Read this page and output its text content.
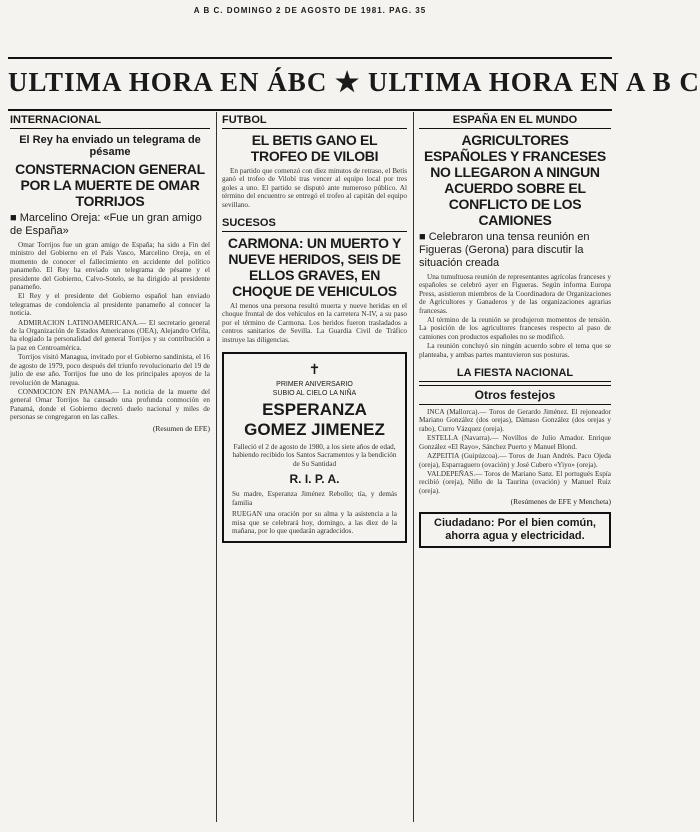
A B C. DOMINGO 2 DE AGOSTO DE 1981. PAG. 35
ULTIMA HORA EN ÁBC ★ ULTIMA HORA EN A B C
INTERNACIONAL
El Rey ha enviado un telegrama de pésame
CONSTERNACION GENERAL POR LA MUERTE DE OMAR TORRIJOS
■ Marcelino Oreja: «Fue un gran amigo de España»

Omar Torrijos fue un gran amigo de España; ha sido a Fin del ministro del Gobierno en el País Vasco, Marcelino Oreja, en el momento de conocer el fallecimiento en accidente del político panameño. El Rey ha enviado un telegrama de pésame y el presidente del Gobierno, Calvo-Sotelo, se ha dirigido al presidente panameño.

El Rey y el presidente del Gobierno español han enviado telegramas de condolencia al presidente panameño al conocer la noticia.

ADMIRACION LATINOAMERICANA.— El secretario general de la Organización de Estados Americanos (OEA), Alejandro Orfila, ha elogiado la personalidad del general Torrijos y su contribución a la paz en Centroamérica.

Torrijos visitó Managua, invitado por el Gobierno sandinista, el 16 de agosto de 1979, poco después del triunfo revolucionario del 19 de julio de ese año. Torrijos fue uno de los principales apoyos de la revolución de Managua.

CONMOCION EN PANAMA.— La noticia de la muerte del general Omar Torrijos ha causado una profunda conmoción en Panamá, donde el Gobierno decretó duelo nacional y miles de personas se congregaron en las calles.

(Resumen de EFE)
FUTBOL
EL BETIS GANO EL TROFEO DE VILOBI

En partido que comenzó con diez minutos de retraso, el Betis ganó el trofeo de Vilobí tras vencer al equipo local por tres goles a uno. El partido se disputó ante numeroso público. Al término del encuentro se entregó el trofeo al capitán del equipo sevillano.

SUCESOS
CARMONA: UN MUERTO Y NUEVE HERIDOS, SEIS DE ELLOS GRAVES, EN CHOQUE DE VEHICULOS

Al menos una persona resultó muerta y nueve heridas en el choque frontal de dos vehículos en la carretera N-IV, a su paso por el término de Carmona. Los heridos fueron trasladados a centros sanitarios de Sevilla. La Guardia Civil de Tráfico instruye las diligencias.

✝
PRIMER ANIVERSARIO
SUBIO AL CIELO LA NIÑA
ESPERANZA GOMEZ JIMENEZ
Falleció el 2 de agosto de 1980, a los siete años de edad, habiendo recibido los Santos Sacramentos y la bendición de Su Santidad
R. I. P. A.
Su madre, Esperanza Jiménez Rebollo; tía, y demás familia
RUEGAN una oración por su alma y la asistencia a la misa que se celebrará hoy, domingo, a las diez de la mañana, por lo que quedarán agradecidos.
ESPAÑA EN EL MUNDO
AGRICULTORES ESPAÑOLES Y FRANCESES NO LLEGARON A NINGUN ACUERDO SOBRE EL CONFLICTO DE LOS CAMIONES
■ Celebraron una tensa reunión en Figueras (Gerona) para discutir la situación creada

Una tumultuosa reunión de representantes agrícolas franceses y españoles se celebró ayer en Figueras. Según informa Europa Press, asistieron miembros de la Coordinadora de Organizaciones de Agricultores y Ganaderos y de las organizaciones agrarias francesas.

Al término de la reunión se produjeron momentos de tensión. La posición de los agricultores franceses respecto al paso de camiones con productos españoles no se modificó.

La reunión concluyó sin ningún acuerdo sobre el tema que se planteaba, y ambas partes mantuvieron sus posturas.

LA FIESTA NACIONAL
Otros festejos

INCA (Mallorca).— Toros de Gerardo Jiménez. El rejoneador Mariano González (dos orejas), Dámaso González (dos orejas y rabo), Curro Vázquez (oreja).

ESTELLA (Navarra).— Novillos de Julio Amador. Enrique González «El Rayo», Sánchez Puerto y Manuel Blond.

AZPEITIA (Guipúzcoa).— Toros de Juan Andrés. Paco Ojeda (oreja), Esparraguero (ovación) y José Cubero «Yiyo» (oreja).

VALDEPEÑAS.— Toros de Mariano Sanz. El portugués Espía recibió (oreja), Niño de la Taurina (ovación) y Manuel Ruiz (oreja).

(Resúmenes de EFE y Mencheta)
Ciudadano: Por el bien común, ahorra agua y electricidad.
